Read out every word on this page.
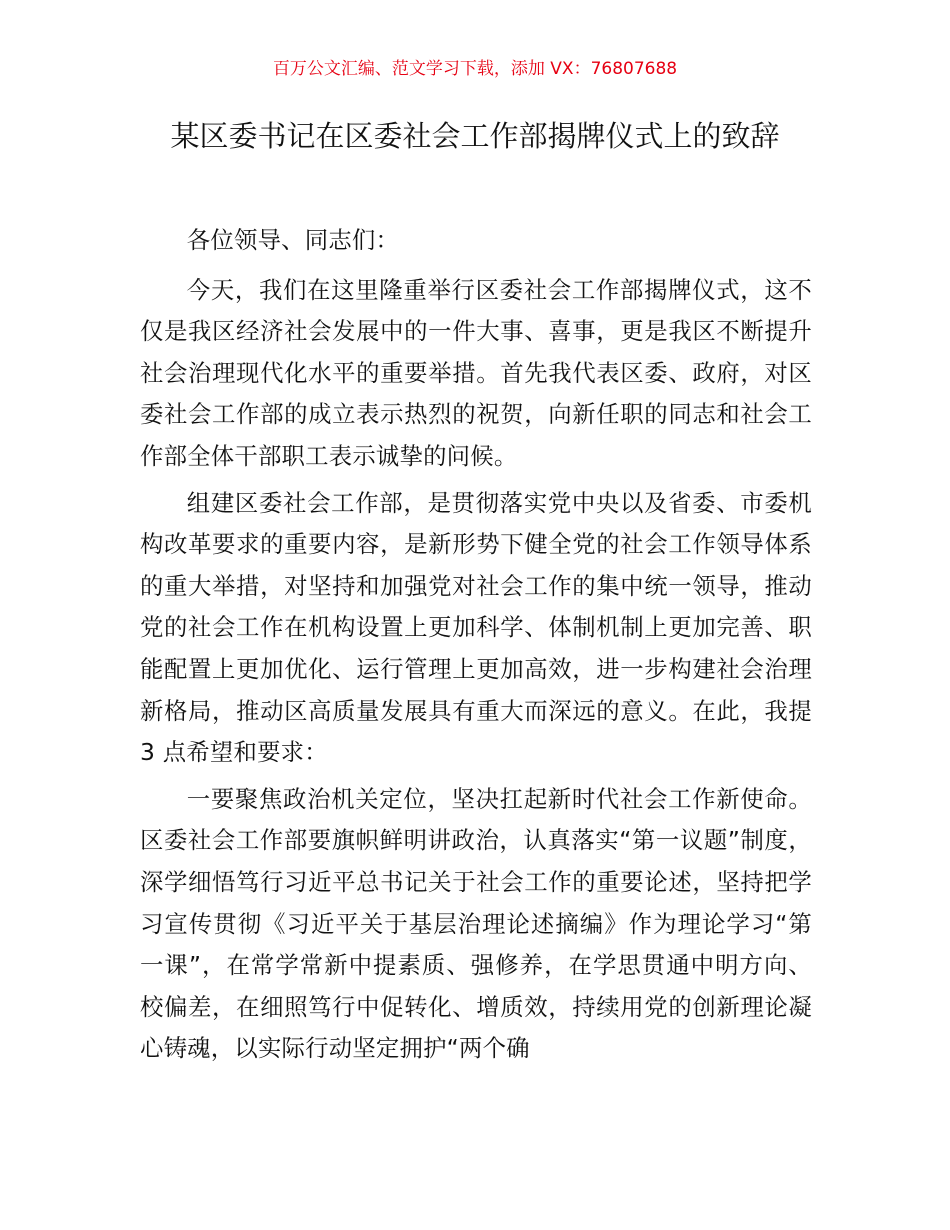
百万公文汇编、范文学习下载，添加 VX：76807688
某区委书记在区委社会工作部揭牌仪式上的致辞

各位领导、同志们：

今天，我们在这里隆重举行区委社会工作部揭牌仪式，这不仅是我区经济社会发展中的一件大事、喜事，更是我区不断提升社会治理现代化水平的重要举措。首先我代表区委、政府，对区委社会工作部的成立表示热烈的祝贺，向新任职的同志和社会工作部全体干部职工表示诚挚的问候。

组建区委社会工作部，是贯彻落实党中央以及省委、市委机构改革要求的重要内容，是新形势下健全党的社会工作领导体系的重大举措，对坚持和加强党对社会工作的集中统一领导，推动党的社会工作在机构设置上更加科学、体制机制上更加完善、职能配置上更加优化、运行管理上更加高效，进一步构建社会治理新格局，推动区高质量发展具有重大而深远的意义。在此，我提 3 点希望和要求：

一要聚焦政治机关定位，坚决扛起新时代社会工作新使命。区委社会工作部要旗帜鲜明讲政治，认真落实“第一议题”制度，深学细悟笃行习近平总书记关于社会工作的重要论述，坚持把学习宣传贯彻《习近平关于基层治理论述摘编》作为理论学习“第一课”，在常学常新中提素质、强修养，在学思贯通中明方向、校偏差，在细照笃行中促转化、增质效，持续用党的创新理论凝心铸魂，以实际行动坚定拥护“两个确
